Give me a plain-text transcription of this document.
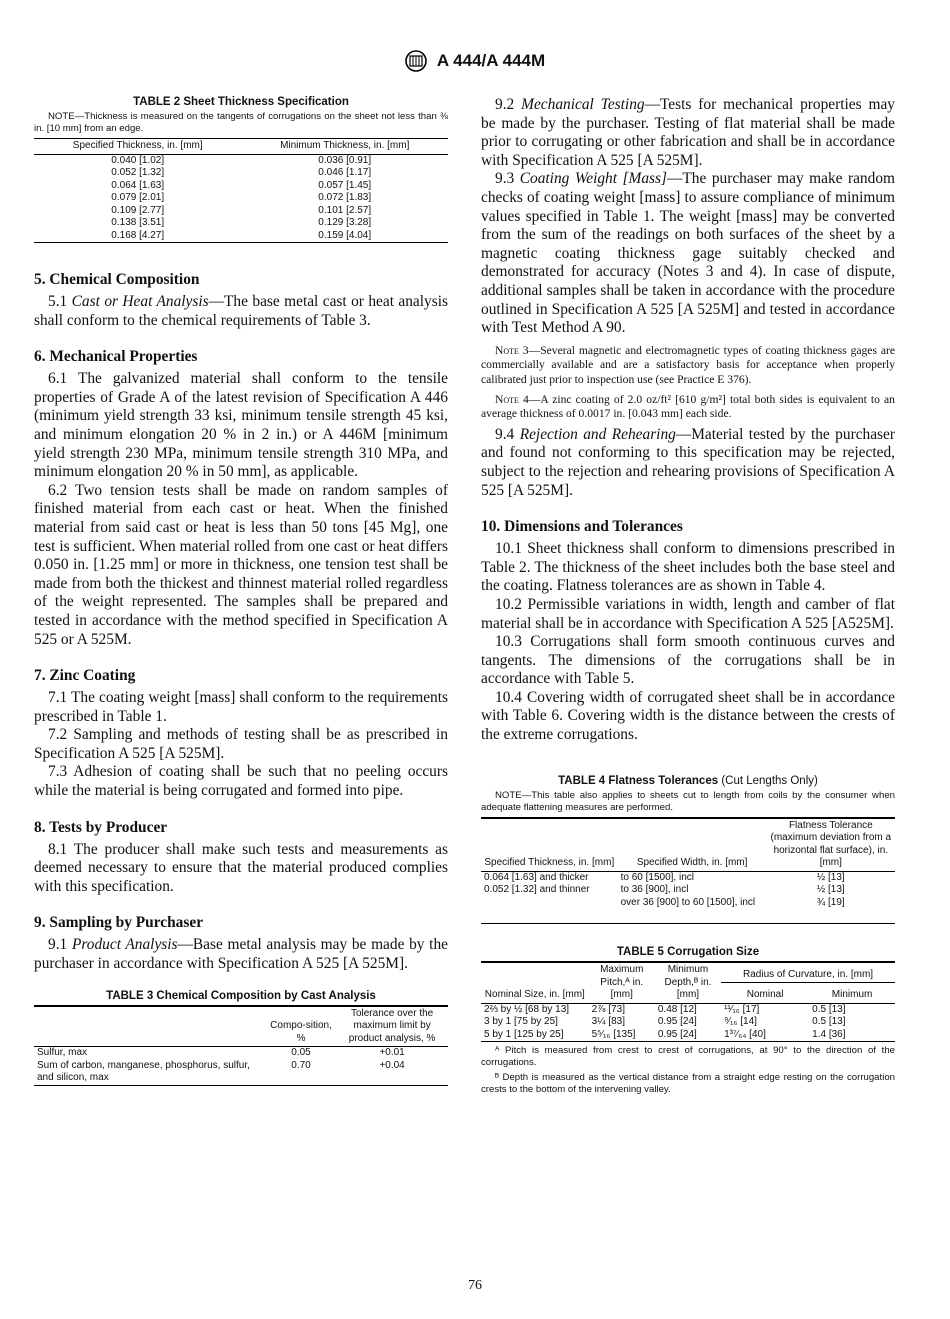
A 444/A 444M
TABLE 2 Sheet Thickness Specification
NOTE—Thickness is measured on the tangents of corrugations on the sheet not less than ⅜ in. [10 mm] from an edge.
Specified Thickness, in. [mm]	Minimum Thickness, in. [mm]
0.040 [1.02]	0.036 [0.91]
0.052 [1.32]	0.046 [1.17]
0.064 [1.63]	0.057 [1.45]
0.079 [2.01]	0.072 [1.83]
0.109 [2.77]	0.101 [2.57]
0.138 [3.51]	0.129 [3.28]
0.168 [4.27]	0.159 [4.04]
5. Chemical Composition

5.1 Cast or Heat Analysis—The base metal cast or heat analysis shall conform to the chemical requirements of Table 3.

6. Mechanical Properties

6.1 The galvanized material shall conform to the tensile properties of Grade A of the latest revision of Specification A 446 (minimum yield strength 33 ksi, minimum tensile strength 45 ksi, and minimum elongation 20 % in 2 in.) or A 446M [minimum yield strength 230 MPa, minimum tensile strength 310 MPa, and minimum elongation 20 % in 50 mm], as applicable.

6.2 Two tension tests shall be made on random samples of finished material from each cast or heat. When the finished material from said cast or heat is less than 50 tons [45 Mg], one test is sufficient. When material rolled from one cast or heat differs 0.050 in. [1.25 mm] or more in thickness, one tension test shall be made from both the thickest and thinnest material rolled regardless of the weight represented. The samples shall be prepared and tested in accordance with the method specified in Specification A 525 or A 525M.

7. Zinc Coating

7.1 The coating weight [mass] shall conform to the requirements prescribed in Table 1.

7.2 Sampling and methods of testing shall be as prescribed in Specification A 525 [A 525M].

7.3 Adhesion of coating shall be such that no peeling occurs while the material is being corrugated and formed into pipe.

8. Tests by Producer

8.1 The producer shall make such tests and measurements as deemed necessary to ensure that the material produced complies with this specification.

9. Sampling by Purchaser

9.1 Product Analysis—Base metal analysis may be made by the purchaser in accordance with Specification A 525 [A 525M].

TABLE 3 Chemical Composition by Cast Analysis
	Compo-sition, %	Tolerance over the maximum limit by product analysis, %
Sulfur, max	0.05	+0.01
Sum of carbon, manganese, phosphorus, sulfur, and silicon, max	0.70	+0.04

9.2 Mechanical Testing—Tests for mechanical properties may be made by the purchaser. Testing of flat material shall be made prior to corrugating or other fabrication and shall be in accordance with Specification A 525 [A 525M].

9.3 Coating Weight [Mass]—The purchaser may make random checks of coating weight [mass] to assure compliance of minimum values specified in Table 1. The weight [mass] may be converted from the sum of the readings on both surfaces of the sheet by a magnetic coating thickness gage suitably checked and demonstrated for accuracy (Notes 3 and 4). In case of dispute, additional samples shall be taken in accordance with the procedure outlined in Specification A 525 [A 525M] and tested in accordance with Test Method A 90.

Note 3—Several magnetic and electromagnetic types of coating thickness gages are commercially available and are a satisfactory basis for acceptance when properly calibrated just prior to inspection use (see Practice E 376).
Note 4—A zinc coating of 2.0 oz/ft² [610 g/m²] total both sides is equivalent to an average thickness of 0.0017 in. [0.043 mm] each side.

9.4 Rejection and Rehearing—Material tested by the purchaser and found not conforming to this specification may be rejected, subject to the rejection and rehearing provisions of Specification A 525 [A 525M].

10. Dimensions and Tolerances

10.1 Sheet thickness shall conform to dimensions prescribed in Table 2. The thickness of the sheet includes both the base steel and the coating. Flatness tolerances are as shown in Table 4.

10.2 Permissible variations in width, length and camber of flat material shall be in accordance with Specification A 525 [A525M].

10.3 Corrugations shall form smooth continuous curves and tangents. The dimensions of the corrugations shall be in accordance with Table 5.

10.4 Covering width of corrugated sheet shall be in accordance with Table 6. Covering width is the distance between the crests of the extreme corrugations.

TABLE 4 Flatness Tolerances (Cut Lengths Only)
NOTE—This table also applies to sheets cut to length from coils by the consumer when adequate flattening measures are performed.
Specified Thickness, in. [mm]	Specified Width, in. [mm]	Flatness Tolerance (maximum deviation from a horizontal flat surface), in. [mm]
0.064 [1.63] and thicker	to 60 [1500], incl	½ [13]
0.052 [1.32] and thinner	to 36 [900], incl	½ [13]
	over 36 [900] to 60 [1500], incl	¾ [19]
TABLE 5 Corrugation Size
Nominal Size, in. [mm]	Maximum Pitch,ᴬ in. [mm]	Minimum Depth,ᴮ in. [mm]	Radius of Curvature, in. [mm]	
			Nominal	Minimum
2⅔ by ½ [68 by 13]	2⅞ [73]	0.48 [12]	¹¹⁄₁₆ [17]	0.5 [13]
3 by 1 [75 by 25]	3¼ [83]	0.95 [24]	⁹⁄₁₆ [14]	0.5 [13]
5 by 1 [125 by 25]	5⁵⁄₁₆ [135]	0.95 [24]	1³⁷⁄₆₄ [40]	1.4 [36]
ᴬ Pitch is measured from crest to crest of corrugations, at 90° to the direction of the corrugations.
ᴮ Depth is measured as the vertical distance from a straight edge resting on the corrugation crests to the bottom of the intervening valley.
76
